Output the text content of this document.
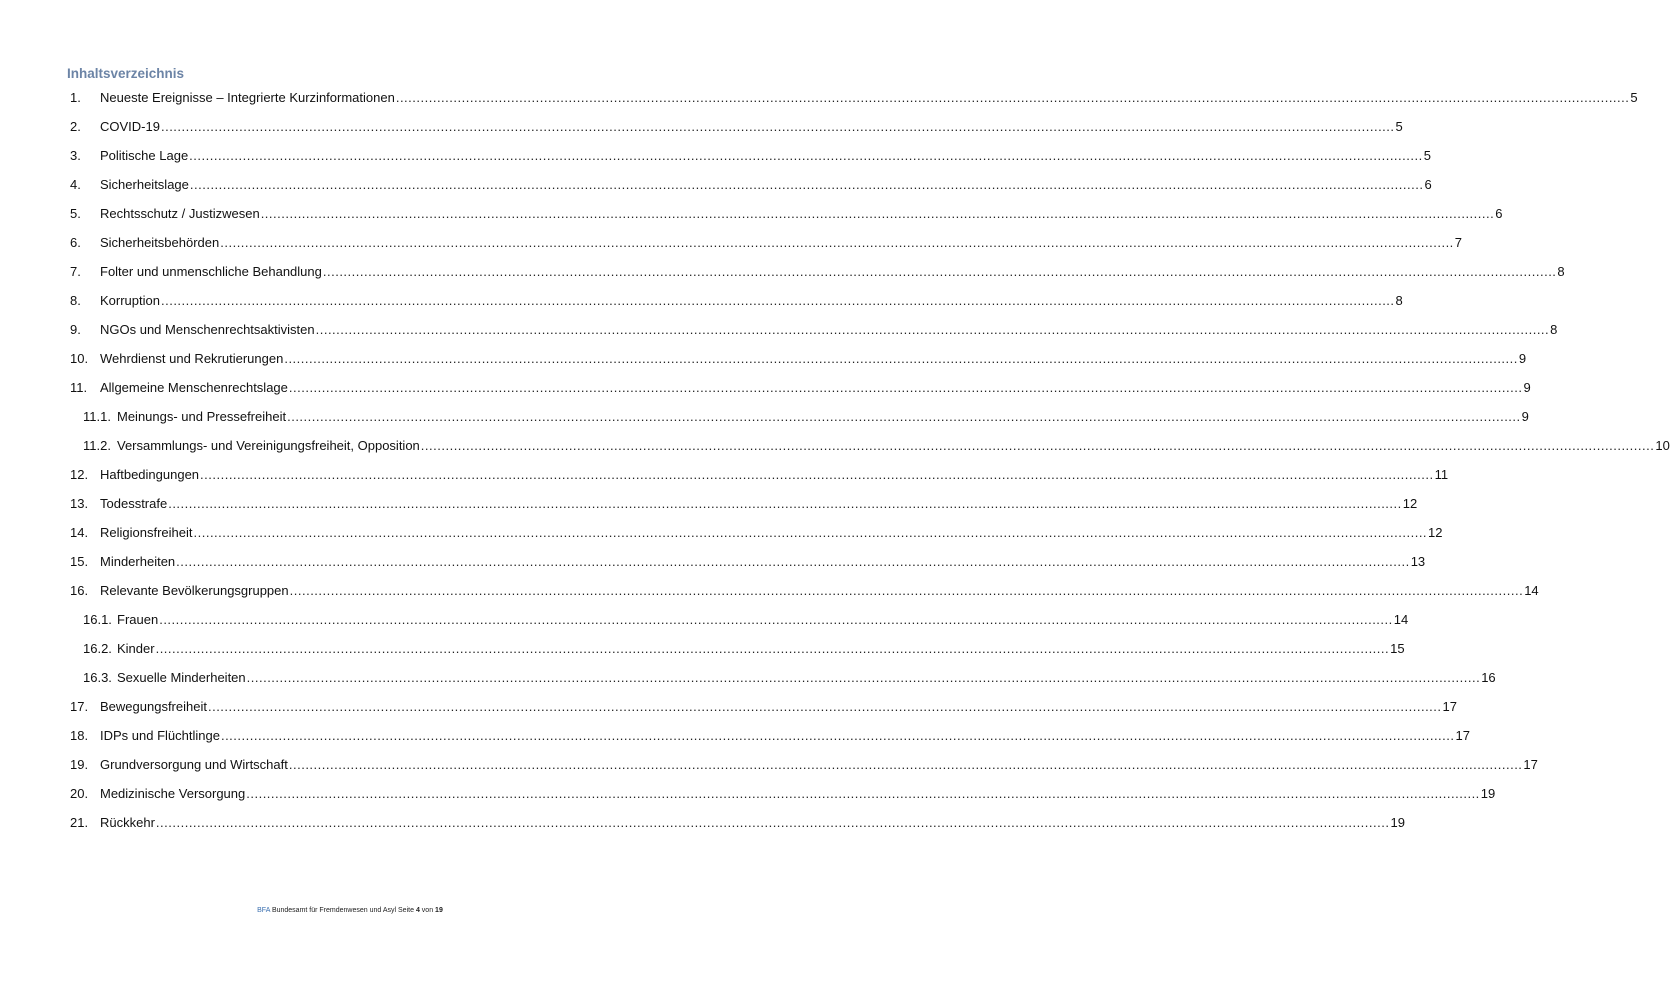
Inhaltsverzeichnis
1.	Neueste Ereignisse – Integrierte Kurzinformationen ............................................................................................................................................................................................................................................................................................................ 5
2.	COVID-19 ............................................................................................................................................................................................................................................................................................................ 5
3.	Politische Lage ............................................................................................................................................................................................................................................................................................................ 5
4.	Sicherheitslage ............................................................................................................................................................................................................................................................................................................ 6
5.	Rechtsschutz / Justizwesen ............................................................................................................................................................................................................................................................................................................ 6
6.	Sicherheitsbehörden ............................................................................................................................................................................................................................................................................................................ 7
7.	Folter und unmenschliche Behandlung ............................................................................................................................................................................................................................................................................................................ 8
8.	Korruption ............................................................................................................................................................................................................................................................................................................ 8
9.	NGOs und Menschenrechtsaktivisten ............................................................................................................................................................................................................................................................................................................ 8
10. Wehrdienst und Rekrutierungen ............................................................................................................................................................................................................................................................................................................ 9
11. Allgemeine Menschenrechtslage ............................................................................................................................................................................................................................................................................................................ 9
11.1. Meinungs- und Pressefreiheit ............................................................................................................................................................................................................................................................................................................ 9
11.2. Versammlungs- und Vereinigungsfreiheit, Opposition ............................................................................................................................................................................................................................................................................................................ 10
12. Haftbedingungen ............................................................................................................................................................................................................................................................................................................ 11
13. Todesstrafe ............................................................................................................................................................................................................................................................................................................ 12
14. Religionsfreiheit ............................................................................................................................................................................................................................................................................................................ 12
15. Minderheiten ............................................................................................................................................................................................................................................................................................................ 13
16. Relevante Bevölkerungsgruppen ............................................................................................................................................................................................................................................................................................................ 14
16.1. Frauen ............................................................................................................................................................................................................................................................................................................ 14
16.2. Kinder ............................................................................................................................................................................................................................................................................................................ 15
16.3. Sexuelle Minderheiten ............................................................................................................................................................................................................................................................................................................ 16
17. Bewegungsfreiheit ............................................................................................................................................................................................................................................................................................................ 17
18. IDPs und Flüchtlinge ............................................................................................................................................................................................................................................................................................................ 17
19. Grundversorgung und Wirtschaft ............................................................................................................................................................................................................................................................................................................ 17
20. Medizinische Versorgung ............................................................................................................................................................................................................................................................................................................ 19
21. Rückkehr ............................................................................................................................................................................................................................................................................................................ 19
BFA Bundesamt für Fremdenwesen und Asyl Seite 4 von 19
